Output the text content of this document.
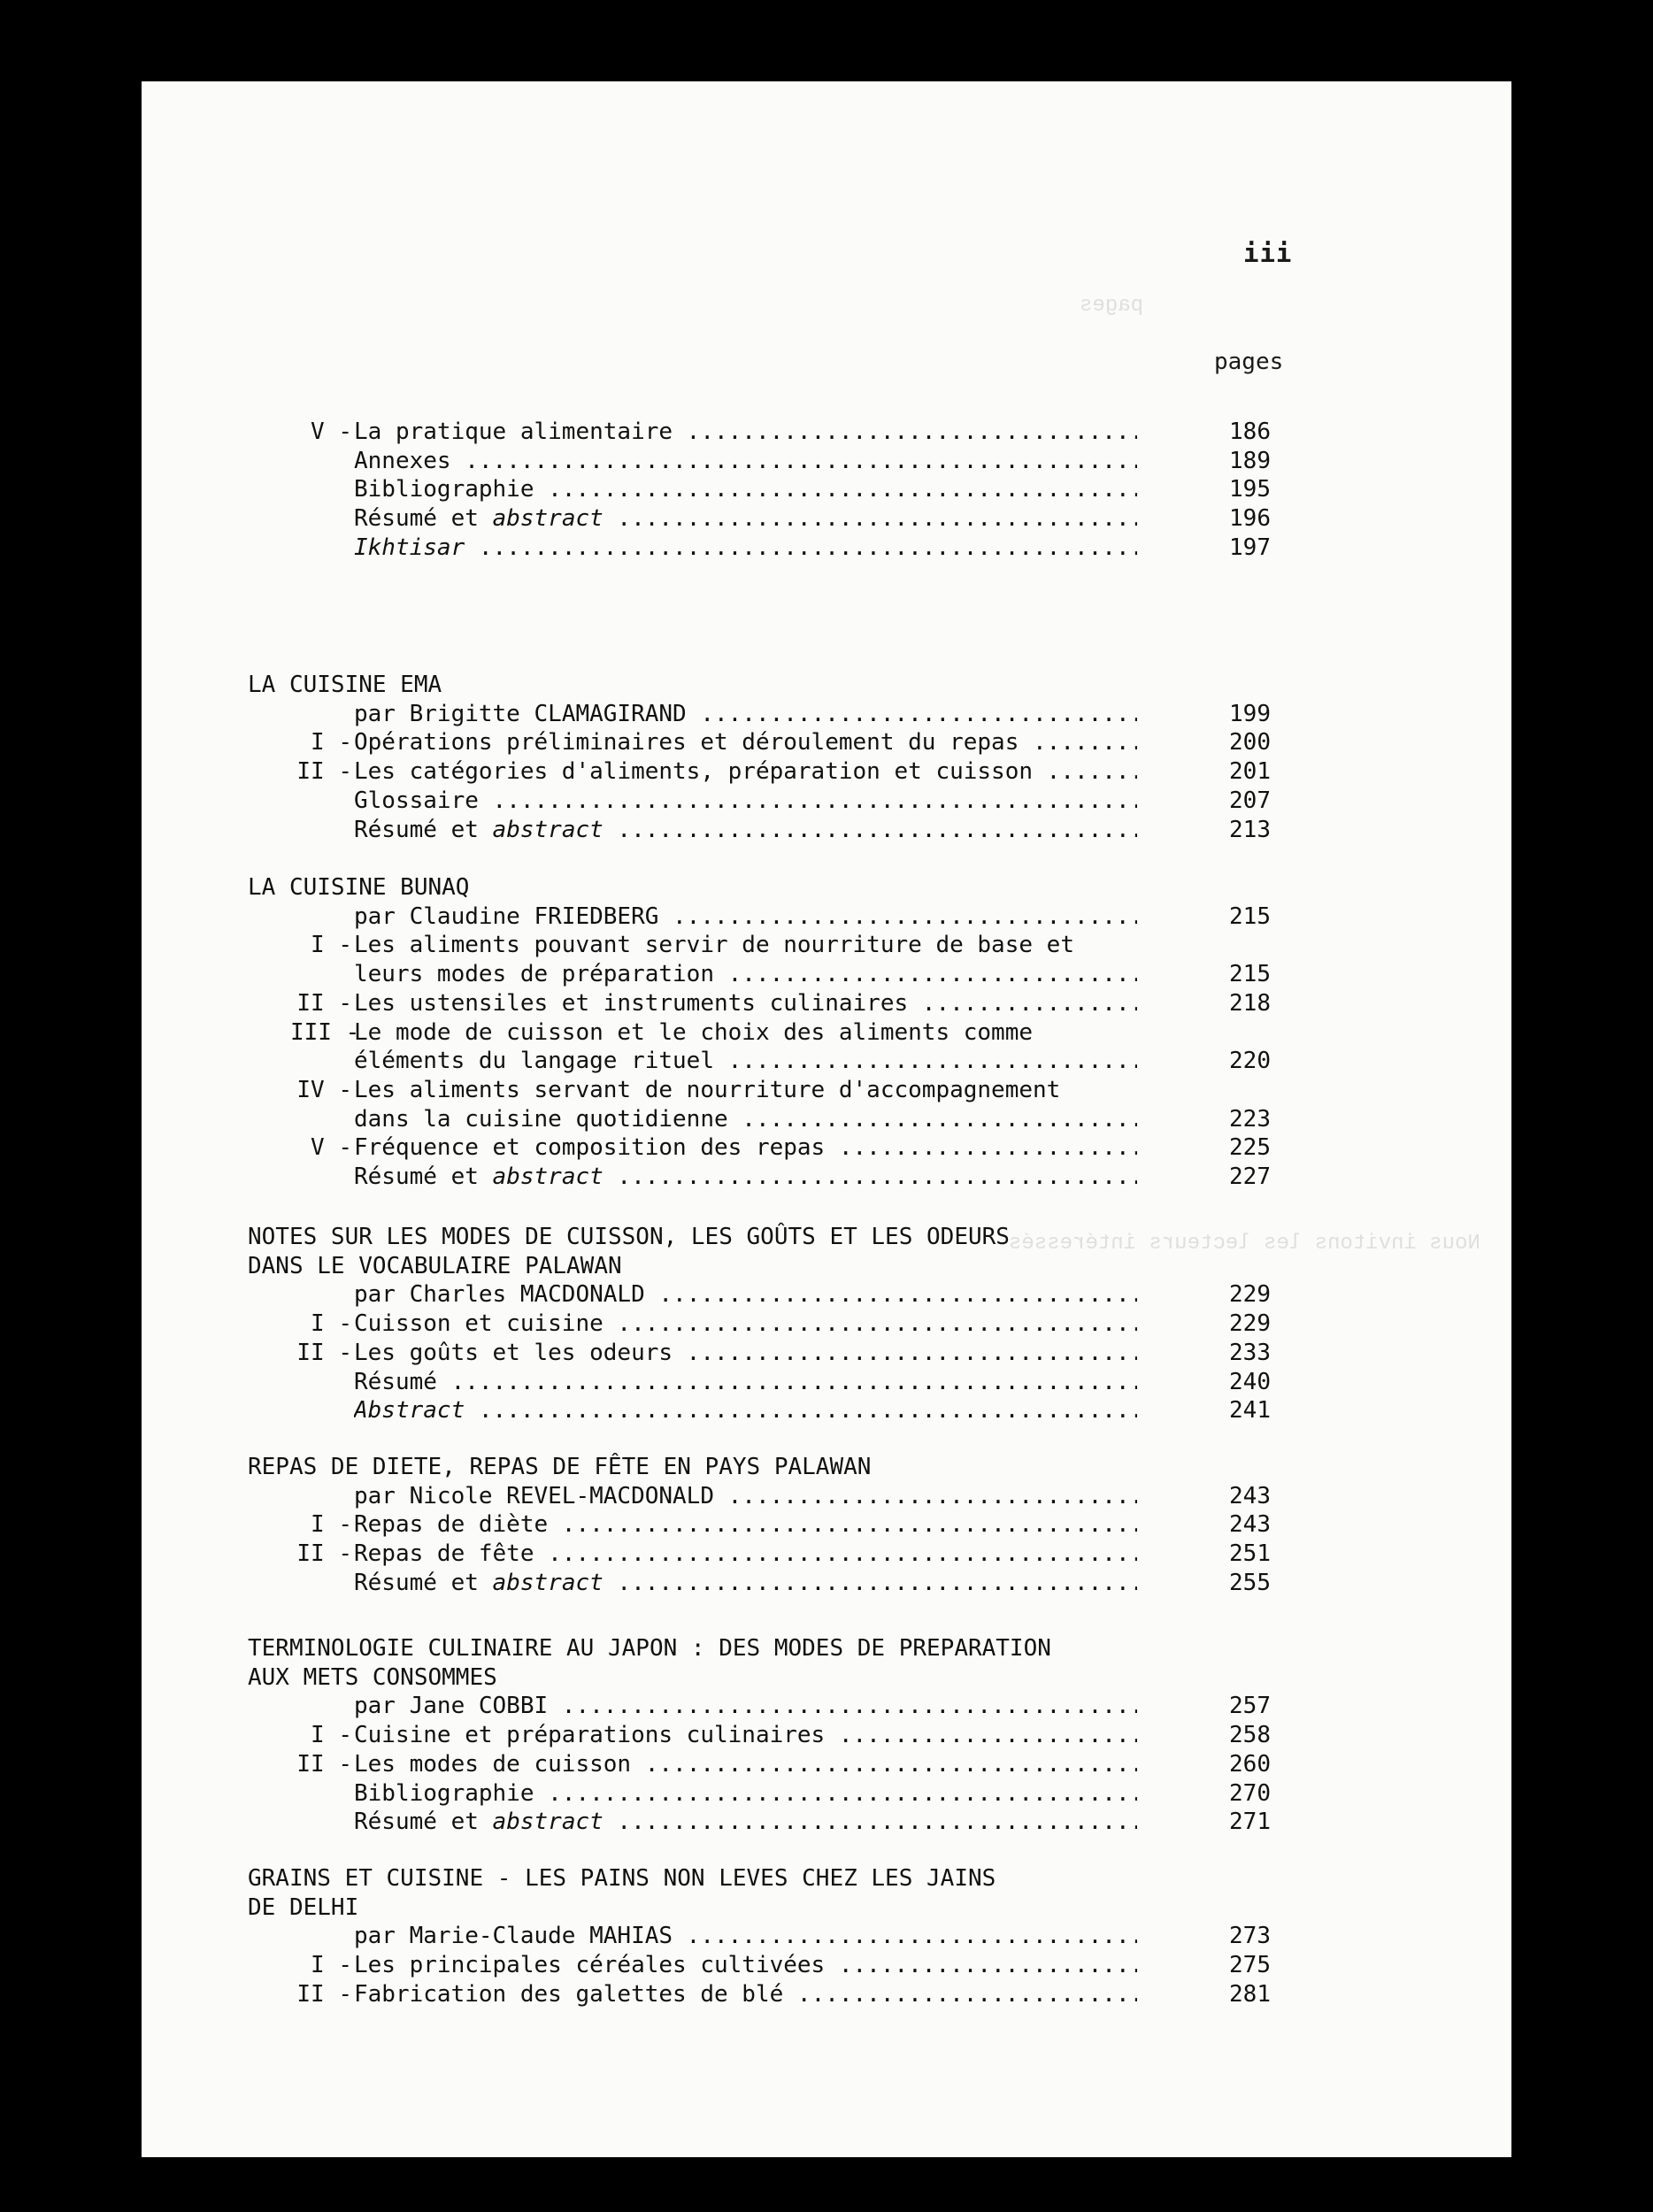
pages
Nous invitons les lecteurs intéressés
iii
pages
V - La pratique alimentaire .....	186
Annexes .....	189
Bibliographie .....	195
Résumé et abstract .....	196
Ikhtisar .....	197
LA CUISINE EMA
par Brigitte CLAMAGIRAND .....	199
I - Opérations préliminaires et déroulement du repas .....	200
II - Les catégories d'aliments, préparation et cuisson .....	201
Glossaire .....	207
Résumé et abstract .....	213
LA CUISINE BUNAQ
par Claudine FRIEDBERG .....	215
I - Les aliments pouvant servir de nourriture de base et
leurs modes de préparation .....	215
II - Les ustensiles et instruments culinaires .....	218
III -
Le mode de cuisson et le choix des aliments comme
éléments du langage rituel .....	220
IV - Les aliments servant de nourriture d'accompagnement
dans la cuisine quotidienne .....	223
V - Fréquence et composition des repas .....	225
Résumé et abstract .....	227
NOTES SUR LES MODES DE CUISSON, LES GOÛTS ET LES ODEURS
DANS LE VOCABULAIRE PALAWAN
par Charles MACDONALD .....	229
I - Cuisson et cuisine .....	229
II - Les goûts et les odeurs .....	233
Résumé .....	240
Abstract .....	241
REPAS DE DIETE, REPAS DE FÊTE EN PAYS PALAWAN
par Nicole REVEL-MACDONALD .....	243
I - Repas de diète .....	243
II - Repas de fête .....	251
Résumé et abstract .....	255
TERMINOLOGIE CULINAIRE AU JAPON : DES MODES DE PREPARATION
AUX METS CONSOMMES
par Jane COBBI .....	257
I - Cuisine et préparations culinaires .....	258
II - Les modes de cuisson .....	260
Bibliographie .....	270
Résumé et abstract .....	271
GRAINS ET CUISINE - LES PAINS NON LEVES CHEZ LES JAINS
DE DELHI
par Marie-Claude MAHIAS .....	273
I - Les principales céréales cultivées .....	275
II - Fabrication des galettes de blé .....	281
